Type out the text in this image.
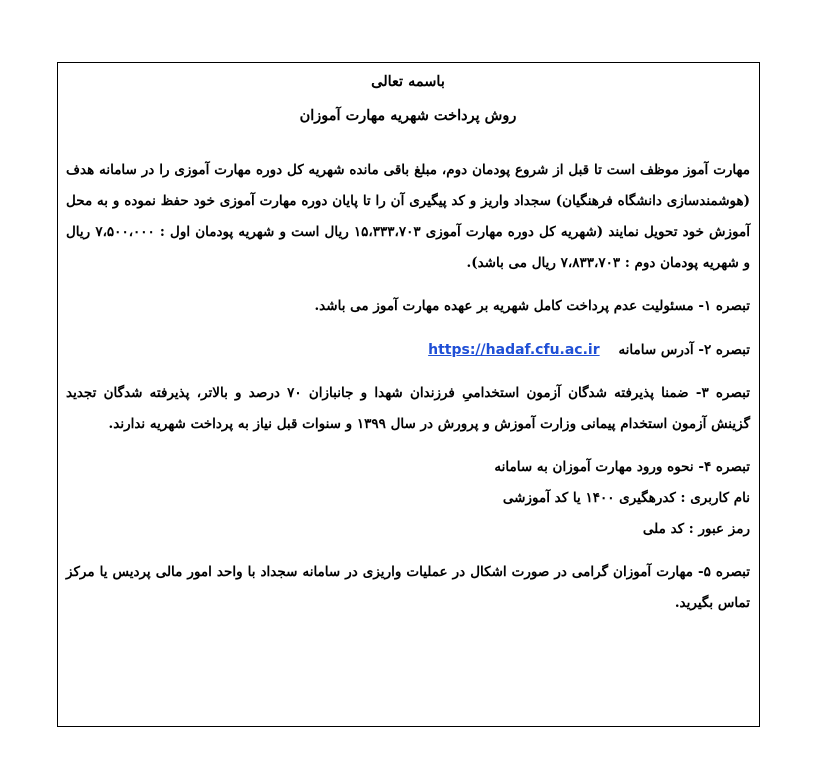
باسمه تعالی

روش پرداخت شهریه مهارت آموزان

مهارت آموز موظف است تا قبل از شروع پودمان دوم، مبلغ باقی مانده شهریه کل دوره مهارت آموزی را در سامانه هدف (هوشمندسازی دانشگاه فرهنگیان) سجداد واریز و کد پیگیری آن را تا پایان دوره مهارت آموزی خود حفظ نموده و به محل آموزش خود تحویل نمایند (شهریه کل دوره مهارت آموزی ۱۵،۳۳۳،۷۰۳ ریال است و شهریه پودمان اول : ۷،۵۰۰،۰۰۰ ریال و شهریه پودمان دوم : ۷،۸۳۳،۷۰۳ ریال می باشد).

تبصره ۱- مسئولیت عدم پرداخت کامل شهریه بر عهده مهارت آموز می باشد.

تبصره ۲- آدرس سامانه    https://hadaf.cfu.ac.ir

تبصره ۳- ضمنا پذیرفته شدگان آزمون استخدامیِ فرزندان شهدا و جانبازان ۷۰ درصد و بالاتر، پذیرفته شدگان تجدید گزینش آزمون استخدام پیمانی وزارت آموزش و پرورش در سال ۱۳۹۹ و سنوات قبل نیاز به پرداخت شهریه ندارند.

تبصره ۴- نحوه ورود مهارت آموزان به سامانه

نام کاربری : کدرهگیری ۱۴۰۰ یا کد آموزشی

رمز عبور : کد ملی

تبصره ۵- مهارت آموزان گرامی در صورت اشکال در عملیات واریزی در سامانه سجداد با واحد امور مالی پردیس یا مرکز تماس بگیرید.
